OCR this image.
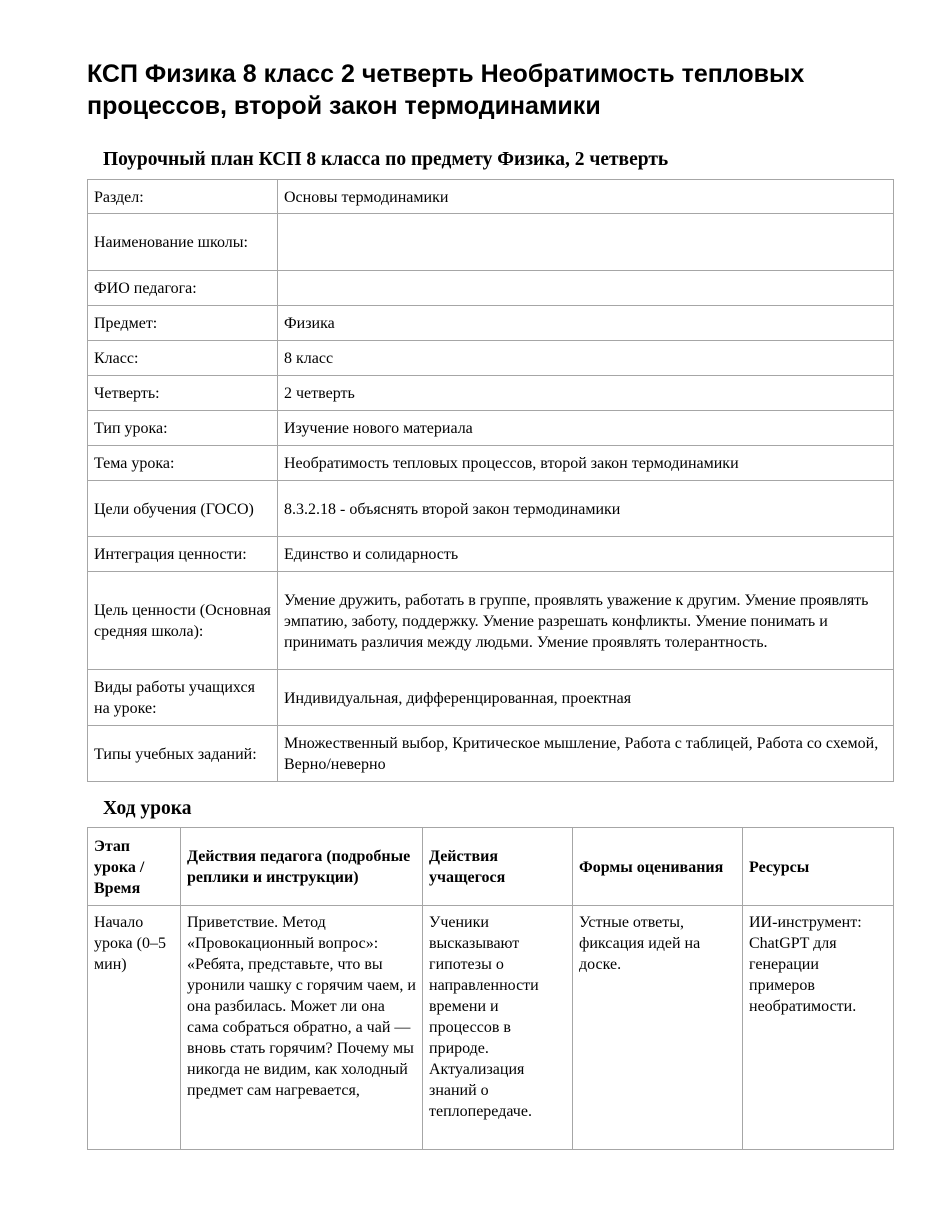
КСП Физика 8 класс 2 четверть Необратимость тепловых процессов, второй закон термодинамики
Поурочный план КСП 8 класса по предмету Физика, 2 четверть
Раздел:	Основы термодинамики
Наименование школы:	
ФИО педагога:	
Предмет:	Физика
Класс:	8 класс
Четверть:	2 четверть
Тип урока:	Изучение нового материала
Тема урока:	Необратимость тепловых процессов, второй закон термодинамики
Цели обучения (ГОСО)	8.3.2.18 - объяснять второй закон термодинамики
Интеграция ценности:	Единство и солидарность
Цель ценности (Основная средняя школа):	Умение дружить, работать в группе, проявлять уважение к другим. Умение проявлять эмпатию, заботу, поддержку. Умение разрешать конфликты. Умение понимать и принимать различия между людьми. Умение проявлять толерантность.
Виды работы учащихся на уроке:	Индивидуальная, дифференцированная, проектная
Типы учебных заданий:	Множественный выбор, Критическое мышление, Работа с таблицей, Работа со схемой, Верно/неверно
Ход урока
Этап урока / Время	Действия педагога (подробные реплики и инструкции)	Действия учащегося	Формы оценивания	Ресурсы
Начало урока (0–5 мин)	Приветствие. Метод «Провокационный вопрос»: «Ребята, представьте, что вы уронили чашку с горячим чаем, и она разбилась. Может ли она сама собраться обратно, а чай — вновь стать горячим? Почему мы никогда не видим, как холодный предмет сам нагревается,	Ученики высказывают гипотезы о направленности времени и процессов в природе. Актуализация знаний о теплопередаче.	Устные ответы, фиксация идей на доске.	ИИ-инструмент: ChatGPT для генерации примеров необратимости.
